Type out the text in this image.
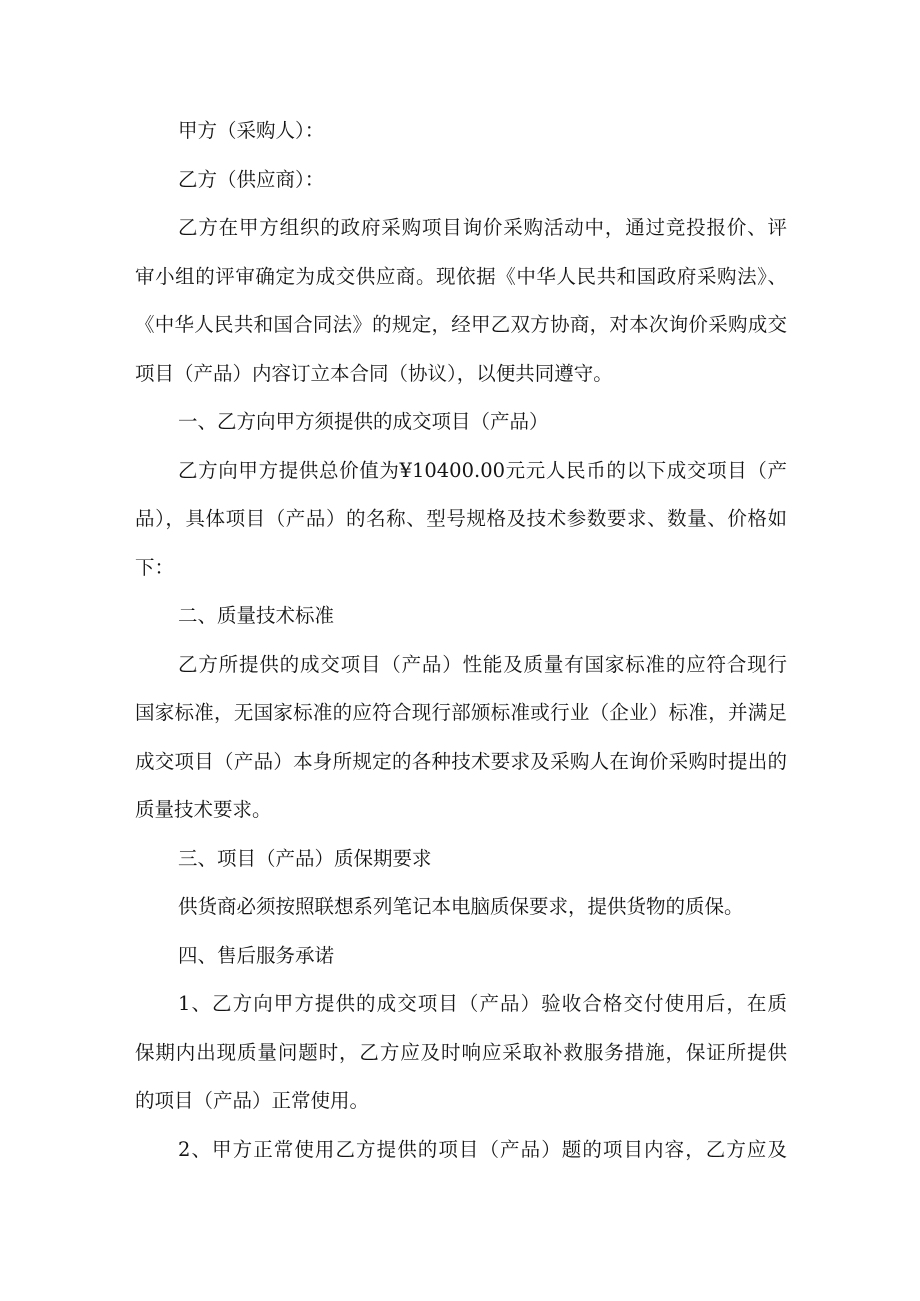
甲方（采购人）：
乙方（供应商）：
乙方在甲方组织的政府采购项目询价采购活动中，通过竞投报价、评
审小组的评审确定为成交供应商。现依据《中华人民共和国政府采购法》、
《中华人民共和国合同法》的规定，经甲乙双方协商，对本次询价采购成交
项目（产品）内容订立本合同（协议），以便共同遵守。
一、乙方向甲方须提供的成交项目（产品）
乙方向甲方提供总价值为¥10400.00元元人民币的以下成交项目（产
品），具体项目（产品）的名称、型号规格及技术参数要求、数量、价格如
下：
二、质量技术标准
乙方所提供的成交项目（产品）性能及质量有国家标准的应符合现行
国家标准，无国家标准的应符合现行部颁标准或行业（企业）标准，并满足
成交项目（产品）本身所规定的各种技术要求及采购人在询价采购时提出的
质量技术要求。
三、项目（产品）质保期要求
供货商必须按照联想系列笔记本电脑质保要求，提供货物的质保。
四、售后服务承诺
1、乙方向甲方提供的成交项目（产品）验收合格交付使用后，在质
保期内出现质量问题时，乙方应及时响应采取补救服务措施，保证所提供
的项目（产品）正常使用。
2、甲方正常使用乙方提供的项目（产品）题的项目内容，乙方应及
